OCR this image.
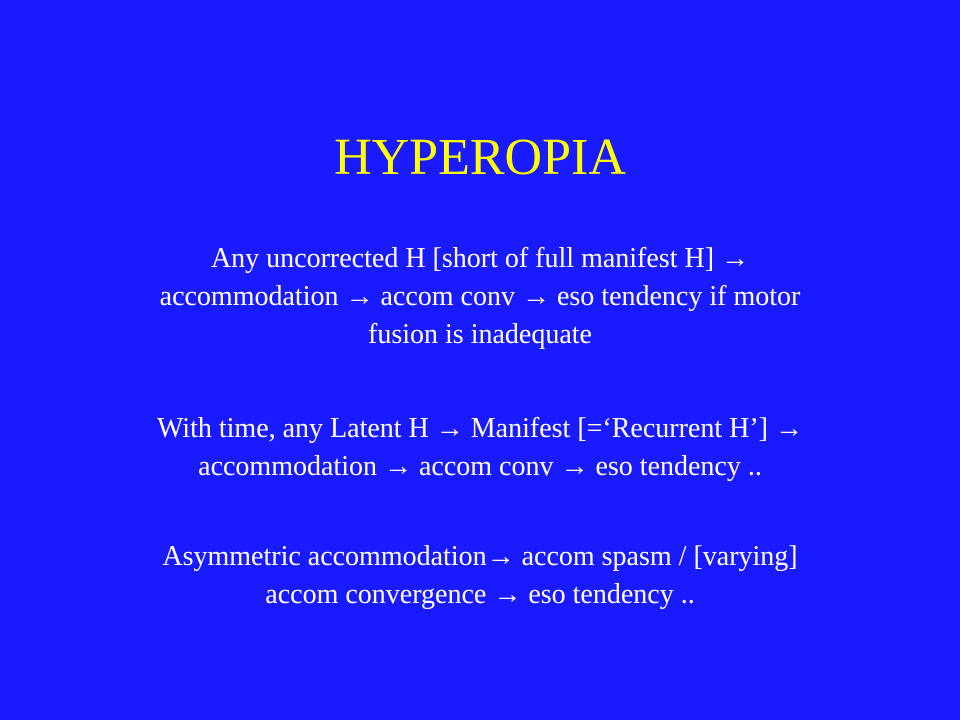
HYPEROPIA
Any uncorrected H [short of full manifest H] →
accommodation → accom conv → eso tendency if motor
fusion is inadequate
With time, any Latent H → Manifest [=‘Recurrent H’] →
accommodation → accom conv → eso tendency ..
Asymmetric accommodation→ accom spasm / [varying]
accom convergence → eso tendency ..
